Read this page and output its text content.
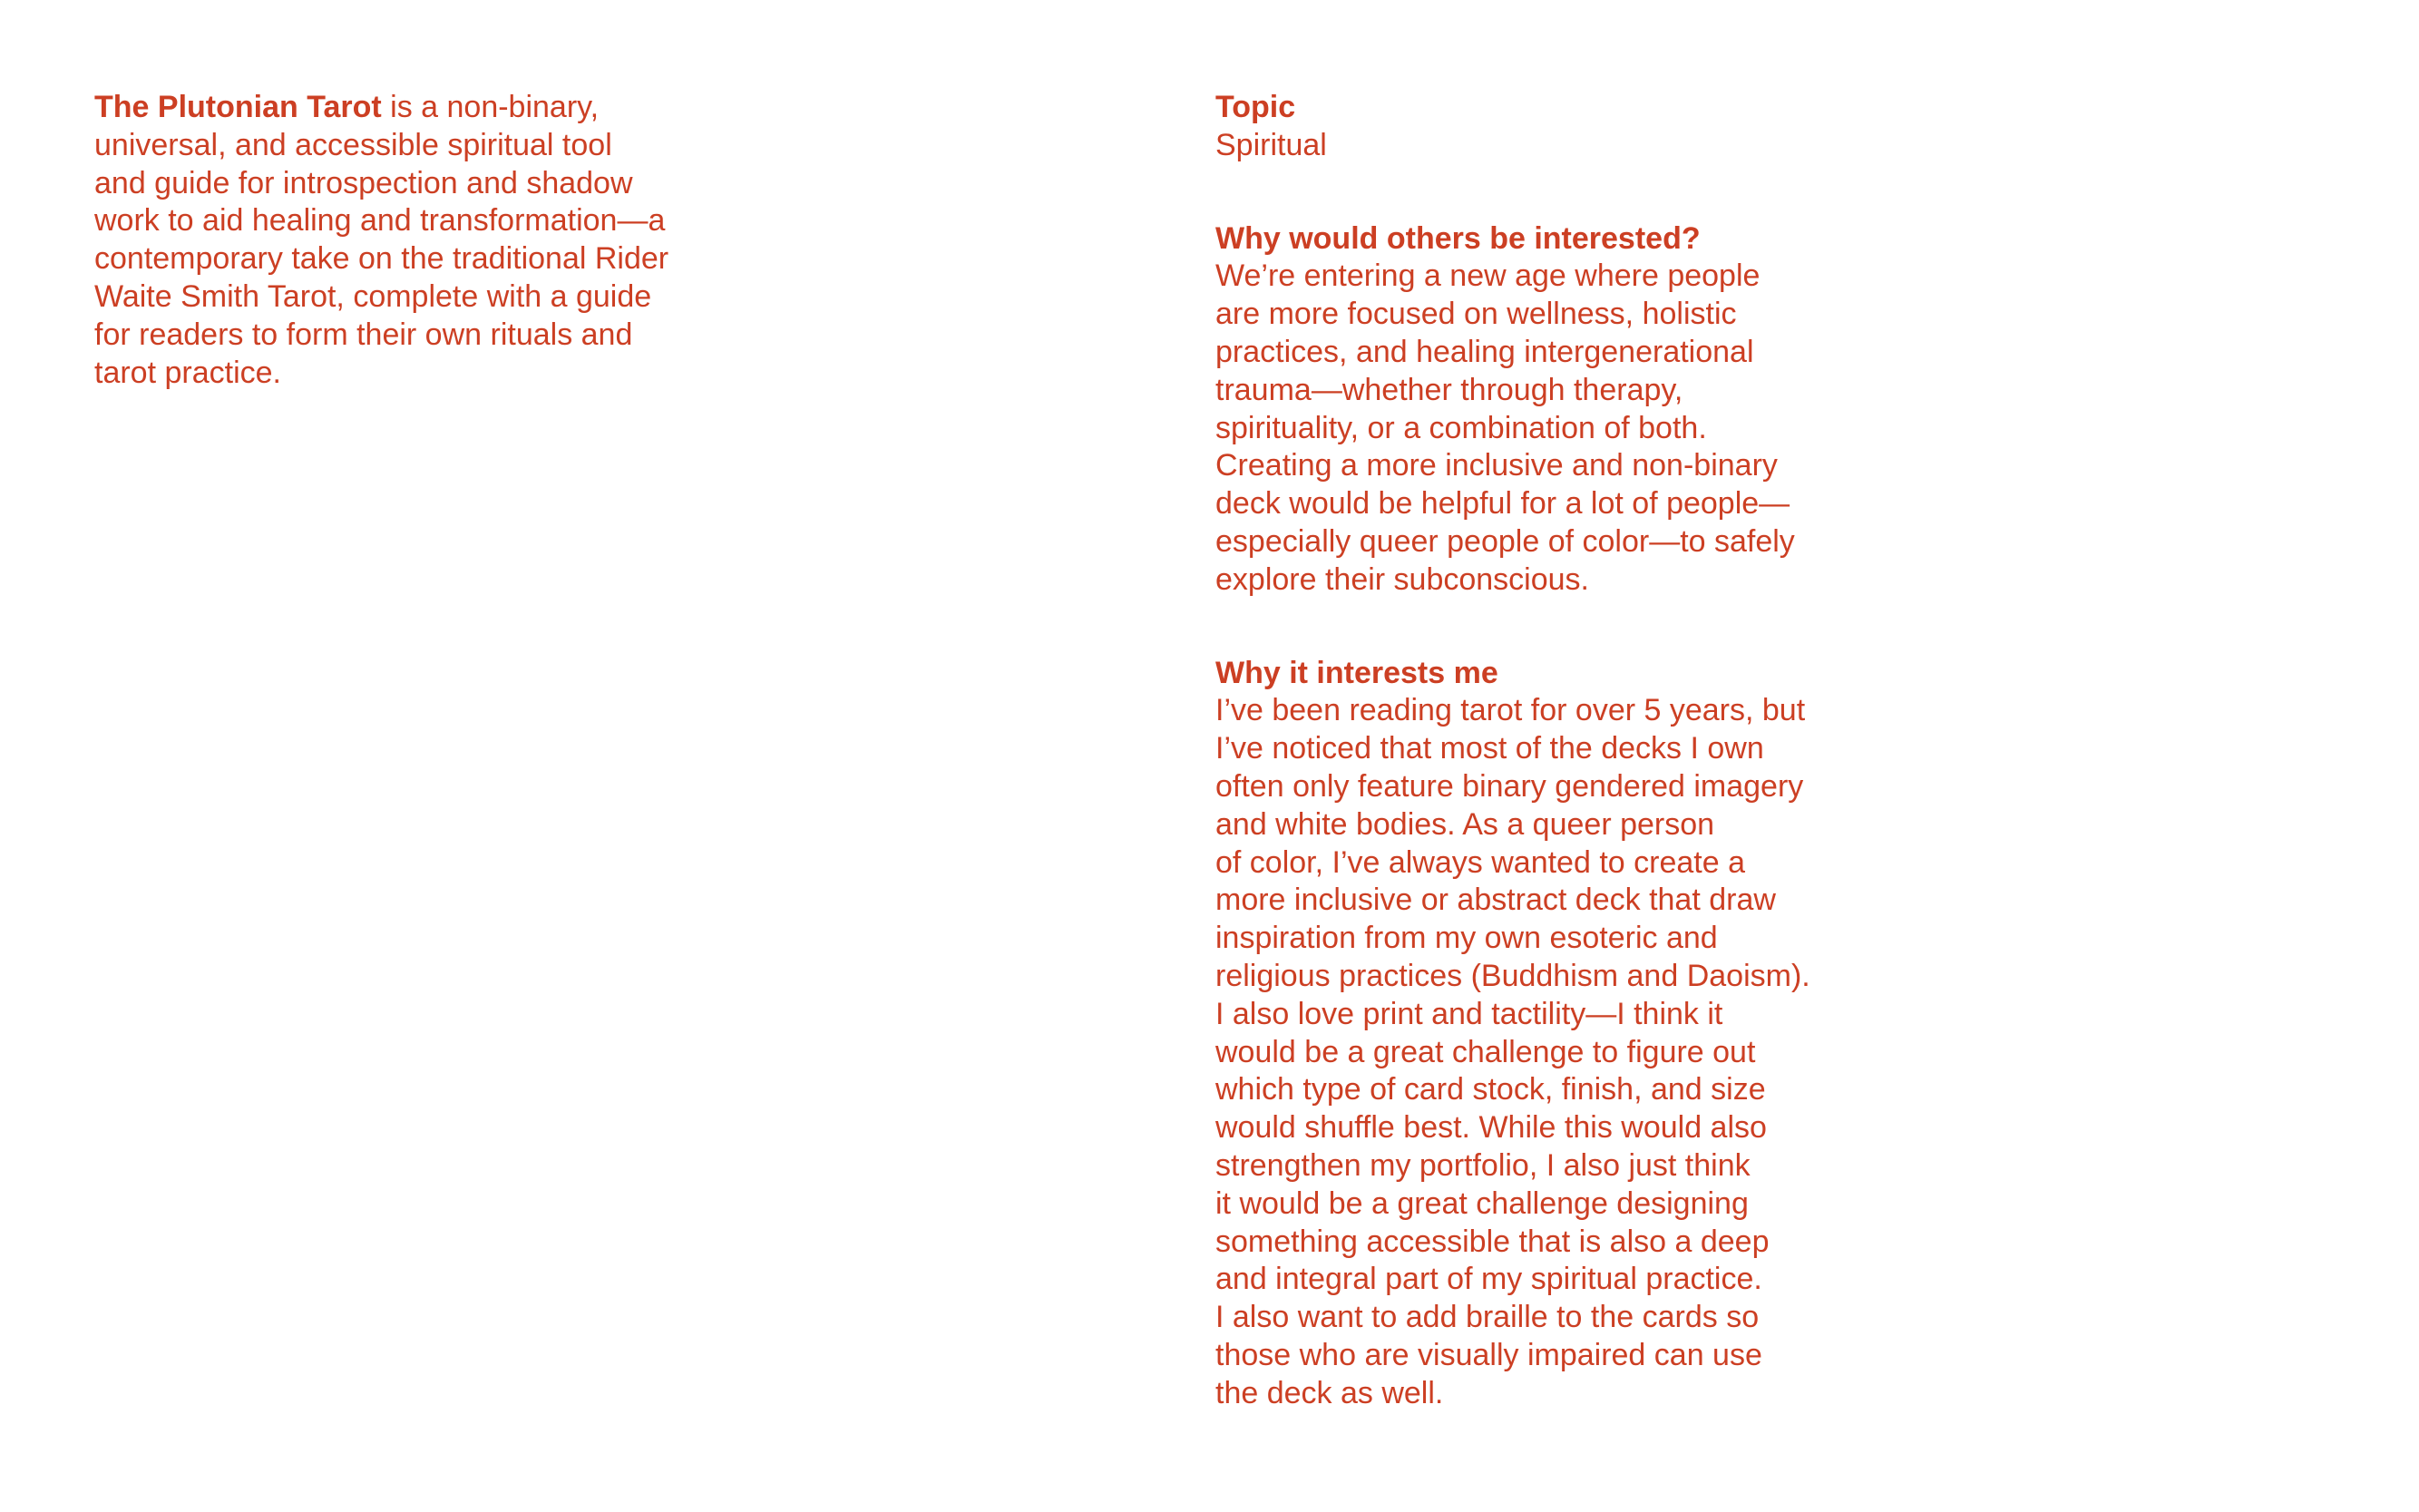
The Plutonian Tarot is a non-binary,
universal, and accessible spiritual tool
and guide for introspection and shadow
work to aid healing and transformation—a
contemporary take on the traditional Rider
Waite Smith Tarot, complete with a guide
for readers to form their own rituals and
tarot practice.

Topic
Spiritual
Why would others be interested?
We’re entering a new age where people
are more focused on wellness, holistic
practices, and healing intergenerational
trauma—whether through therapy,
spirituality, or a combination of both.
Creating a more inclusive and non-binary
deck would be helpful for a lot of people—
especially queer people of color—to safely
explore their subconscious.
Why it interests me
I’ve been reading tarot for over 5 years, but
I’ve noticed that most of the decks I own
often only feature binary gendered imagery
and white bodies. As a queer person
of color, I’ve always wanted to create a
more inclusive or abstract deck that draw
inspiration from my own esoteric and
religious practices (Buddhism and Daoism).
I also love print and tactility—I think it
would be a great challenge to figure out
which type of card stock, finish, and size
would shuffle best. While this would also
strengthen my portfolio, I also just think
it would be a great challenge designing
something accessible that is also a deep
and integral part of my spiritual practice.
I also want to add braille to the cards so
those who are visually impaired can use
the deck as well.
